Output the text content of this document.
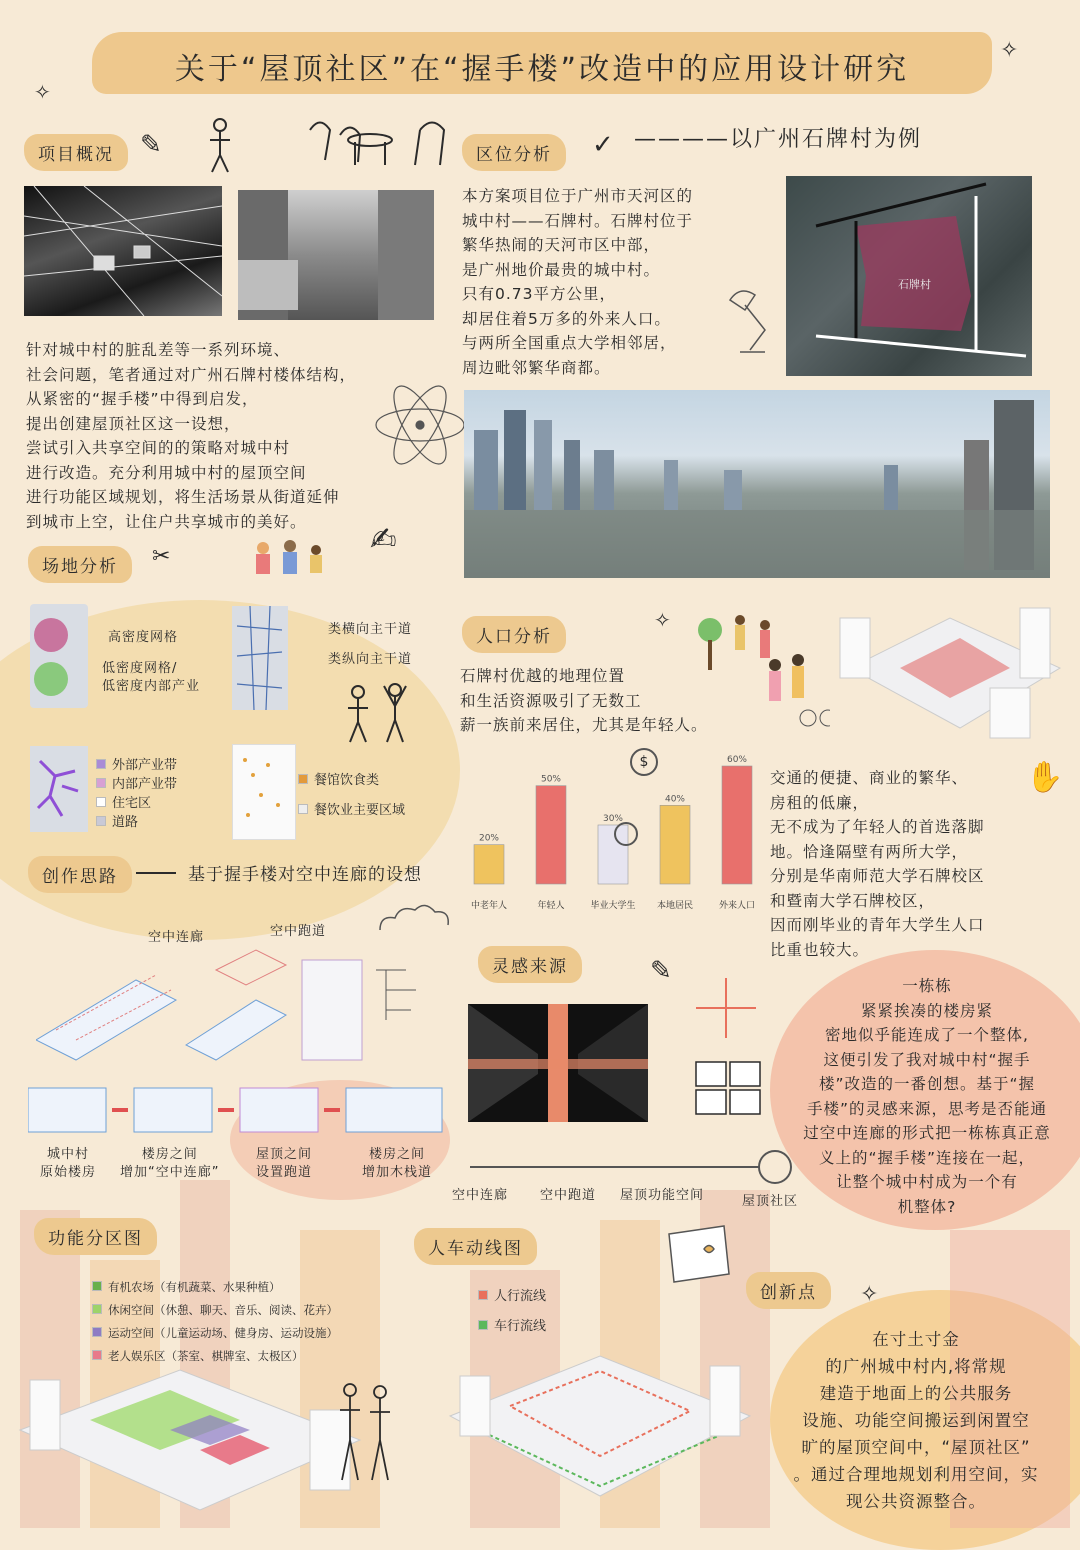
关于“屋顶社区”在“握手楼”改造中的应用设计研究
✧
✧
项目概况	✎
针对城中村的脏乱差等一系列环境、
社会问题，笔者通过对广州石牌村楼体结构，
从紧密的“握手楼”中得到启发，
提出创建屋顶社区这一设想，
尝试引入共享空间的的策略对城中村
进行改造。充分利用城中村的屋顶空间
进行功能区域规划，将生活场景从街道延伸
到城市上空，让住户共享城市的美好。
区位分析	✓ ————以广州石牌村为例
本方案项目位于广州市天河区的
城中村——石牌村。石牌村位于
繁华热闹的天河市区中部，
是广州地价最贵的城中村。
只有0.73平方公里，
却居住着5万多的外来人口。
与两所全国重点大学相邻居，
周边毗邻繁华商都。
石牌村
场地分析	✂	✍
高密度网格
低密度网格/
低密度内部产业
类横向主干道
类纵向主干道
外部产业带
内部产业带
住宅区
道路
餐馆饮食类
餐饮业主要区域
人口分析
✧
石牌村优越的地理位置
和生活资源吸引了无数工
薪一族前来居住，尤其是年轻人。
20%
中老年人
50%
年轻人
30%
毕业大学生
40%
本地居民
60%
外来人口
$
交通的便捷、商业的繁华、
房租的低廉，
无不成为了年轻人的首选落脚
地。恰逢隔壁有两所大学，
分别是华南师范大学石牌校区
和暨南大学石牌校区，
因而刚毕业的青年大学生人口
比重也较大。
✋
创作思路	基于握手楼对空中连廊的设想
空中连廊	空中跑道
城中村
原始楼房
楼房之间
增加“空中连廊”
屋顶之间
设置跑道
楼房之间
增加木栈道
灵感来源	✎	一栋栋
紧紧挨凑的楼房紧
密地似乎能连成了一个整体,
这便引发了我对城中村“握手
楼”改造的一番创想。基于“握
手楼”的灵感来源，思考是否能通
过空中连廊的形式把一栋栋真正意
义上的“握手楼”连接在一起，
让整个城中村成为一个有
机整体?
空中连廊 空中跑道 屋顶功能空间	屋顶社区
功能分区图
有机农场（有机蔬菜、水果种植）
休闲空间（休憩、聊天、音乐、阅读、花卉）
运动空间（儿童运动场、健身房、运动设施）
老人娱乐区（茶室、棋牌室、太极区）
人车动线图
人行流线
车行流线
创新点	✧
在寸土寸金
的广州城中村内,将常规
建造于地面上的公共服务
设施、功能空间搬运到闲置空
旷的屋顶空间中，“屋顶社区”
。通过合理地规划利用空间，实
现公共资源整合。
